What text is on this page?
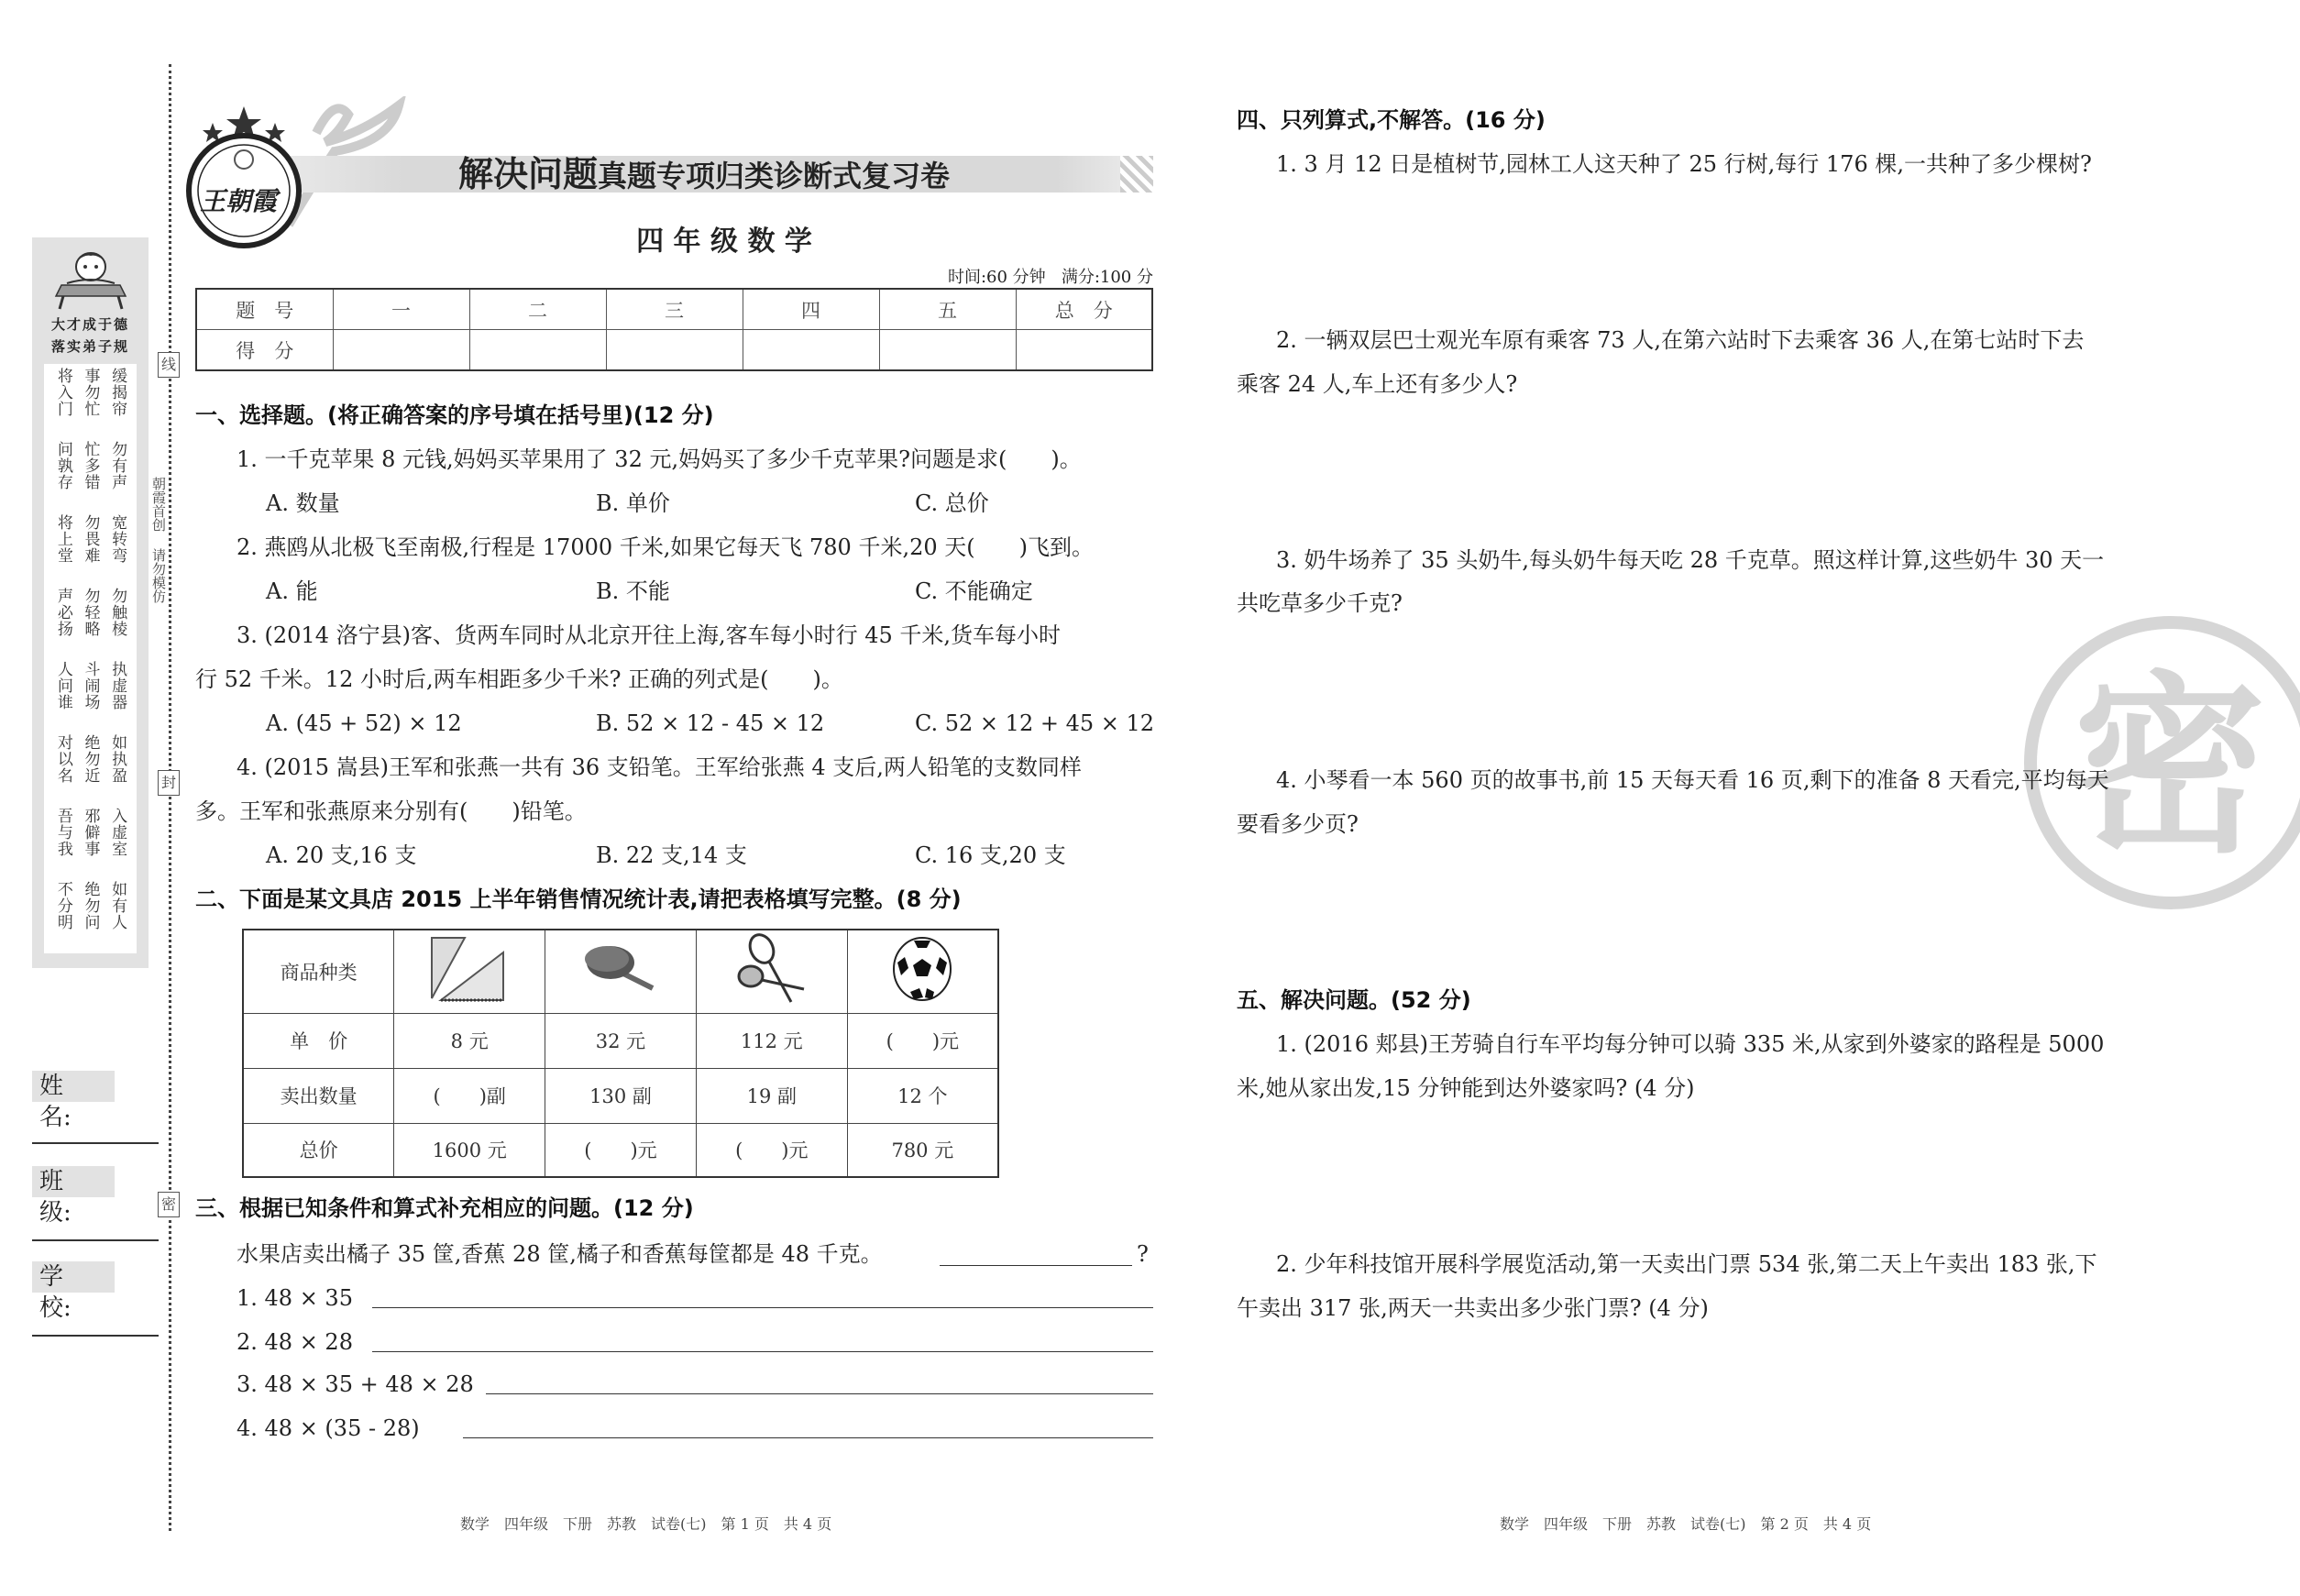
线
封
密
朝霞首创
请勿模仿
大才成于德
落实弟子规
将入门 事勿忙 缓揭帘
问孰存 忙多错 勿有声
将上堂 勿畏难 宽转弯
声必扬 勿轻略 勿触棱
人问谁 斗闹场 执虚器
对以名 绝勿近 如执盈
吾与我 邪僻事 入虚室
不分明 绝勿问 如有人
姓　名:
班　级:
学　校:
王朝霞
解决问题真题专项归类诊断式复习卷
四 年 级 数 学
时间:60 分钟 满分:100 分
题　号	一	二	三	四	五	总　分
得　分						
一、选择题。(将正确答案的序号填在括号里)(12 分)
1. 一千克苹果 8 元钱,妈妈买苹果用了 32 元,妈妈买了多少千克苹果?问题是求(　　)。
A. 数量	B. 单价	C. 总价
2. 燕鸥从北极飞至南极,行程是 17000 千米,如果它每天飞 780 千米,20 天(　　)飞到。
A. 能	B. 不能	C. 不能确定
3. (2014 洛宁县)客、货两车同时从北京开往上海,客车每小时行 45 千米,货车每小时
行 52 千米。12 小时后,两车相距多少千米? 正确的列式是(　　)。
A. (45 + 52) × 12	B. 52 × 12 - 45 × 12	C. 52 × 12 + 45 × 12
4. (2015 嵩县)王军和张燕一共有 36 支铅笔。王军给张燕 4 支后,两人铅笔的支数同样
多。王军和张燕原来分别有(　　)铅笔。
A. 20 支,16 支	B. 22 支,14 支	C. 16 支,20 支
二、下面是某文具店 2015 上半年销售情况统计表,请把表格填写完整。(8 分)
商品种类				
单　价	8 元	32 元	112 元	(　　)元
卖出数量	(　　)副	130 副	19 副	12 个
总价	1600 元	(　　)元	(　　)元	780 元
三、根据已知条件和算式补充相应的问题。(12 分)
水果店卖出橘子 35 筐,香蕉 28 筐,橘子和香蕉每筐都是 48 千克。	?
1. 48 × 35
2. 48 × 28
3. 48 × 35 + 48 × 28
4. 48 × (35 - 28)
数学　四年级　下册　苏教　试卷(七)　第 1 页　共 4 页
密
四、只列算式,不解答。(16 分)
1. 3 月 12 日是植树节,园林工人这天种了 25 行树,每行 176 棵,一共种了多少棵树?
2. 一辆双层巴士观光车原有乘客 73 人,在第六站时下去乘客 36 人,在第七站时下去
乘客 24 人,车上还有多少人?
3. 奶牛场养了 35 头奶牛,每头奶牛每天吃 28 千克草。照这样计算,这些奶牛 30 天一
共吃草多少千克?
4. 小琴看一本 560 页的故事书,前 15 天每天看 16 页,剩下的准备 8 天看完,平均每天
要看多少页?
五、解决问题。(52 分)
1. (2016 郏县)王芳骑自行车平均每分钟可以骑 335 米,从家到外婆家的路程是 5000
米,她从家出发,15 分钟能到达外婆家吗? (4 分)
2. 少年科技馆开展科学展览活动,第一天卖出门票 534 张,第二天上午卖出 183 张,下
午卖出 317 张,两天一共卖出多少张门票? (4 分)
数学　四年级　下册　苏教　试卷(七)　第 2 页　共 4 页
